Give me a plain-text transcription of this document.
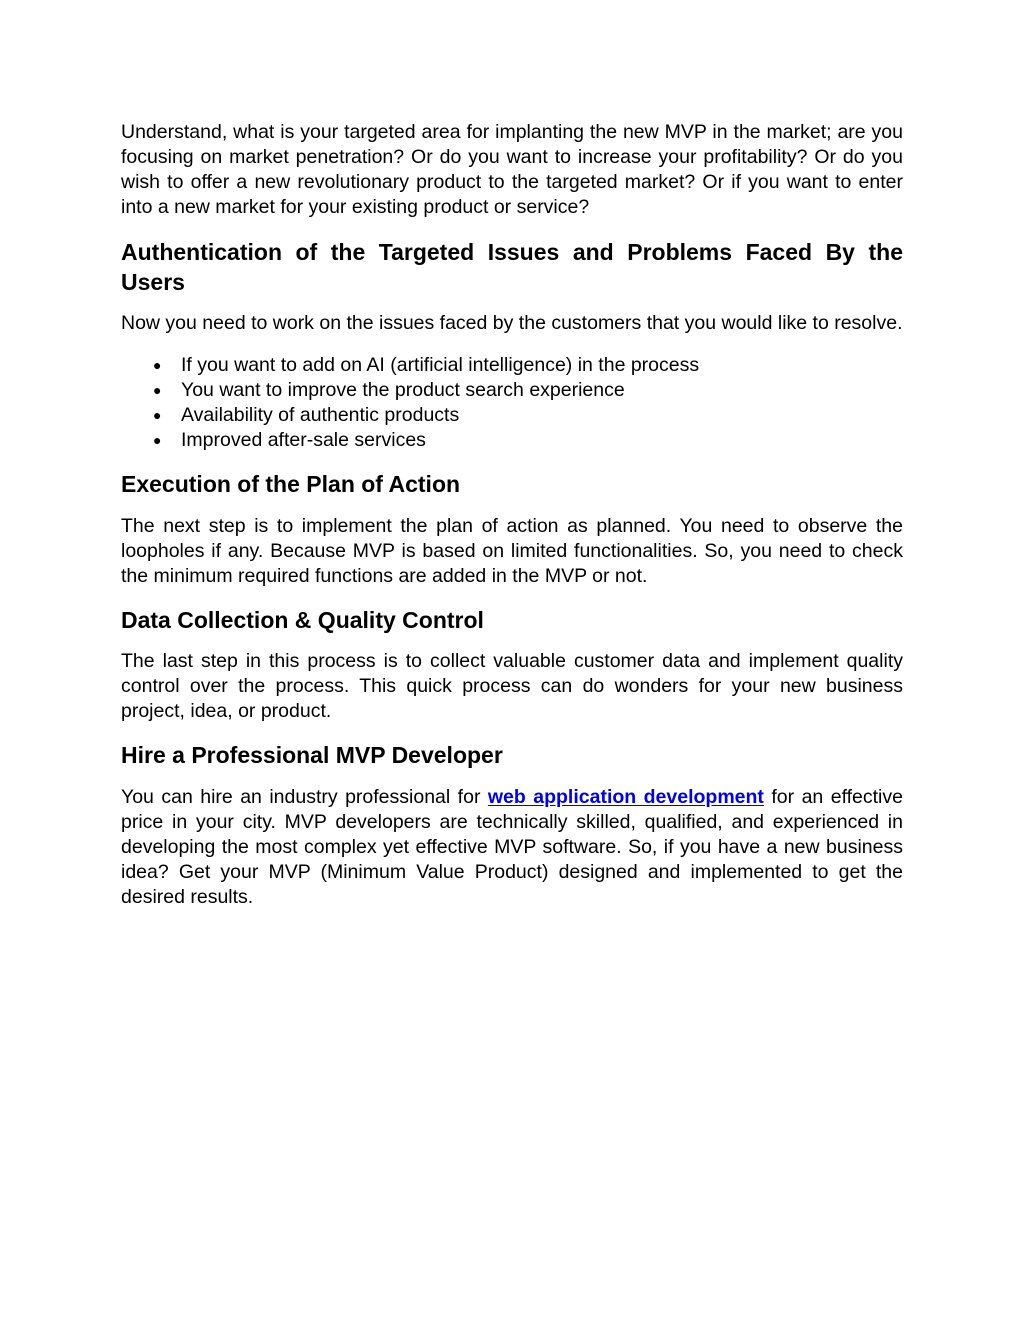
Understand, what is your targeted area for implanting the new MVP in the market; are you focusing on market penetration? Or do you want to increase your profitability? Or do you wish to offer a new revolutionary product to the targeted market? Or if you want to enter into a new market for your existing product or service?

Authentication of the Targeted Issues and Problems Faced By the Users

Now you need to work on the issues faced by the customers that you would like to resolve.

● If you want to add on AI (artificial intelligence) in the process
● You want to improve the product search experience
● Availability of authentic products
● Improved after-sale services
Execution of the Plan of Action

The next step is to implement the plan of action as planned. You need to observe the loopholes if any. Because MVP is based on limited functionalities. So, you need to check the minimum required functions are added in the MVP or not.

Data Collection & Quality Control

The last step in this process is to collect valuable customer data and implement quality control over the process. This quick process can do wonders for your new business project, idea, or product.

Hire a Professional MVP Developer

You can hire an industry professional for web application development for an effective price in your city. MVP developers are technically skilled, qualified, and experienced in developing the most complex yet effective MVP software. So, if you have a new business idea? Get your MVP (Minimum Value Product) designed and implemented to get the desired results.
